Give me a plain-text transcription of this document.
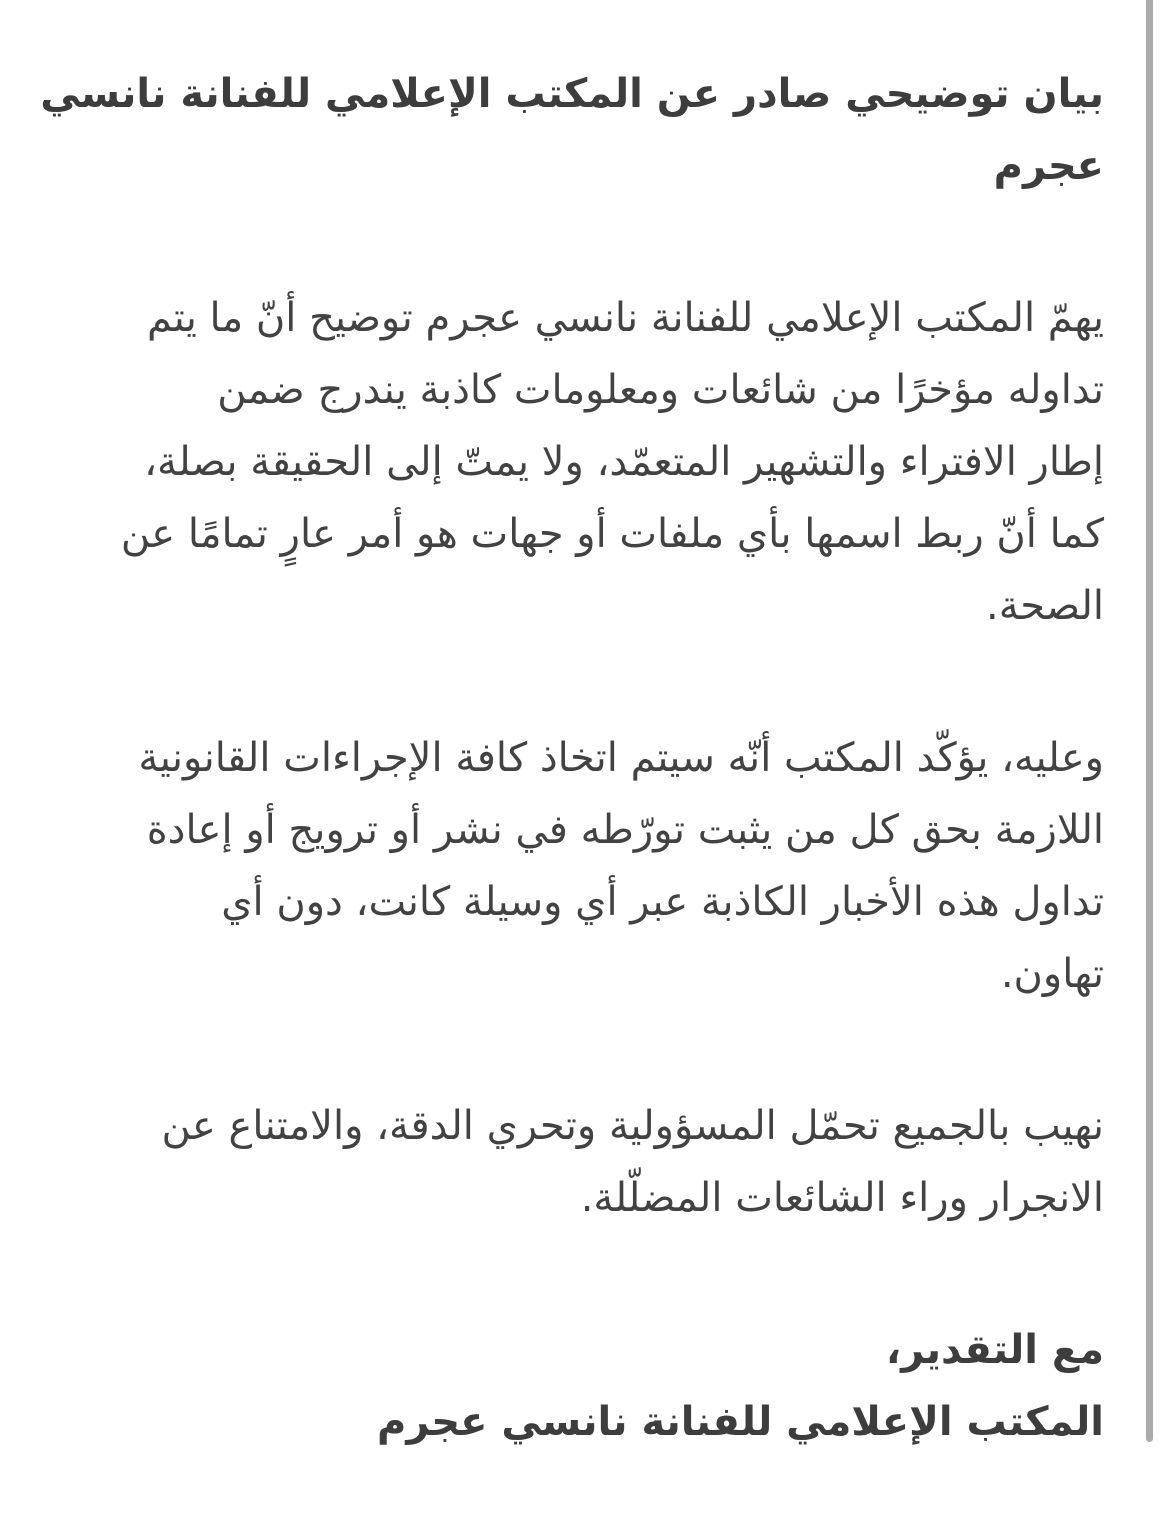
بيان توضيحي صادر عن المكتب الإعلامي للفنانة نانسي
عجرم

يهمّ المكتب الإعلامي للفنانة نانسي عجرم توضيح أنّ ما يتم
تداوله مؤخرًا من شائعات ومعلومات كاذبة يندرج ضمن
إطار الافتراء والتشهير المتعمّد، ولا يمتّ إلى الحقيقة بصلة،
كما أنّ ربط اسمها بأي ملفات أو جهات هو أمر عارٍ تمامًا عن
الصحة.

وعليه، يؤكّد المكتب أنّه سيتم اتخاذ كافة الإجراءات القانونية
اللازمة بحق كل من يثبت تورّطه في نشر أو ترويج أو إعادة
تداول هذه الأخبار الكاذبة عبر أي وسيلة كانت، دون أي
تهاون.

نهيب بالجميع تحمّل المسؤولية وتحري الدقة، والامتناع عن
الانجرار وراء الشائعات المضلّلة.

مع التقدير،
المكتب الإعلامي للفنانة نانسي عجرم
